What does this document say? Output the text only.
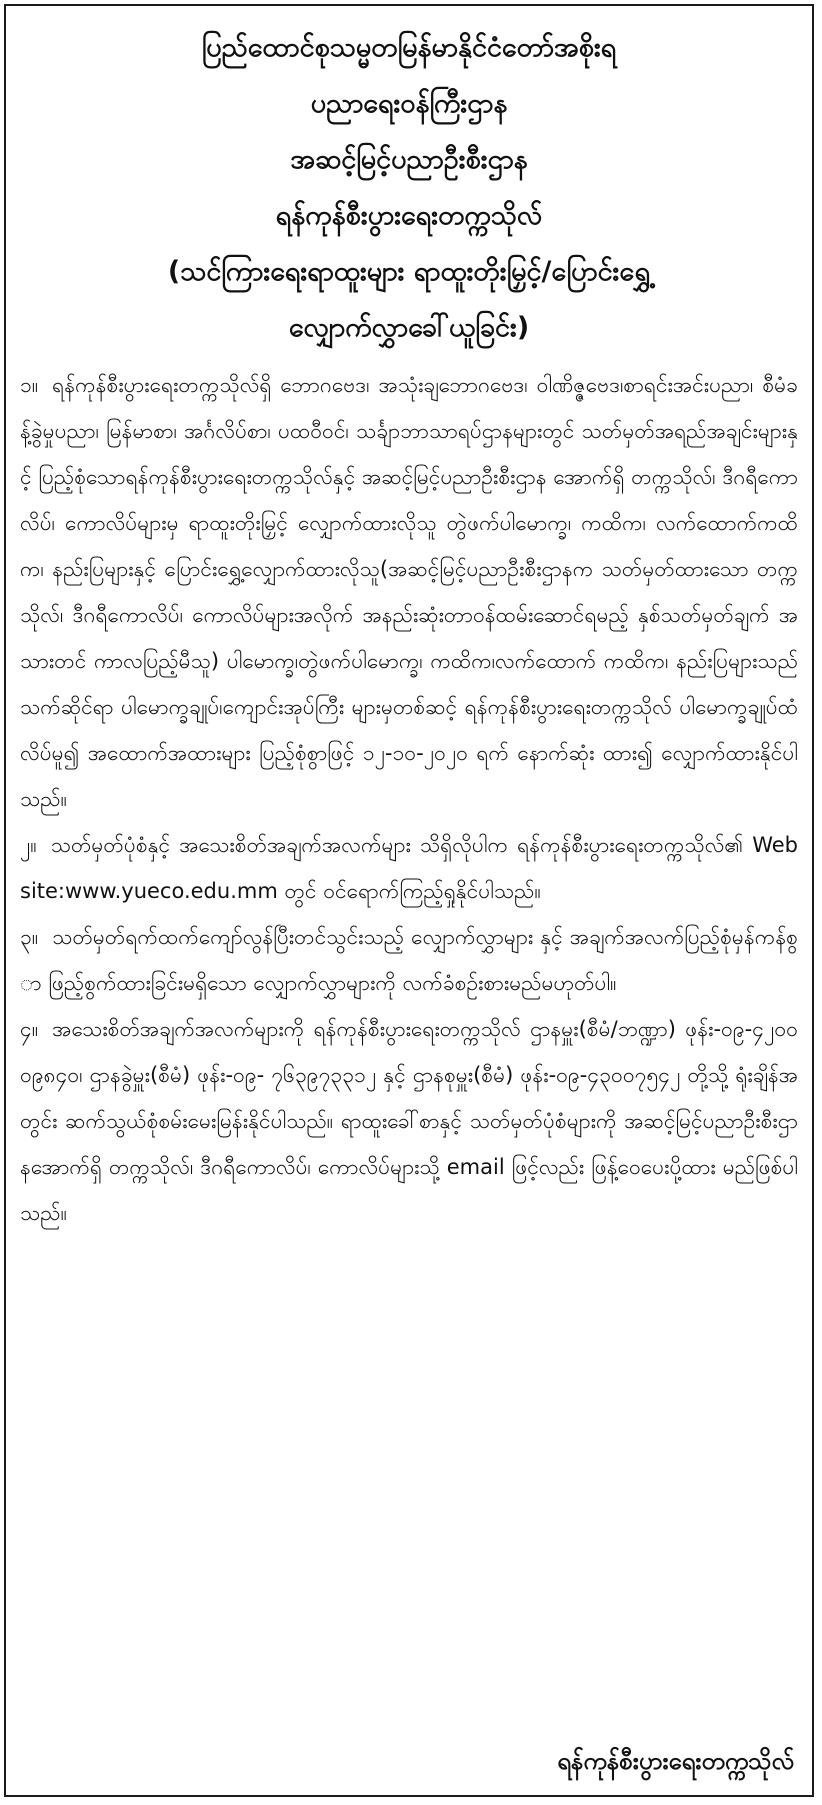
ပြည်ထောင်စုသမ္မတမြန်မာနိုင်ငံတော်အစိုးရ
ပညာရေးဝန်ကြီးဌာန
အဆင့်မြင့်ပညာဦးစီးဌာန
ရန်ကုန်စီးပွားရေးတက္ကသိုလ်
(သင်ကြားရေးရာထူးများ ရာထူးတိုးမြှင့်/ပြောင်းရွှေ့
လျှောက်လွှာခေါ်ယူခြင်း)

၁။ ရန်ကုန်စီးပွားရေးတက္ကသိုလ်ရှိ ဘောဂဗေဒ၊ အသုံးချဘောဂဗေဒ၊ ဝါဏိဇ္ဇဗေဒ၊စာရင်းအင်းပညာ၊ စီမံခန့်ခွဲမှုပညာ၊ မြန်မာစာ၊ အင်္ဂလိပ်စာ၊ ပထဝီဝင်၊ သင်္ချာဘာသာရပ်ဌာနများတွင် သတ်မှတ်အရည်အချင်းများနှင့် ပြည့်စုံသောရန်ကုန်စီးပွားရေးတက္ကသိုလ်နှင့် အဆင့်မြင့်ပညာဦးစီးဌာန အောက်ရှိ တက္ကသိုလ်၊ ဒီဂရီကောလိပ်၊ ကောလိပ်များမှ ရာထူးတိုးမြှင့် လျှောက်ထားလိုသူ တွဲဖက်ပါမောက္ခ၊ ကထိက၊ လက်ထောက်ကထိက၊ နည်းပြများနှင့် ပြောင်းရွှေ့လျှောက်ထားလိုသူ(အဆင့်မြင့်ပညာဦးစီးဌာနက သတ်မှတ်ထားသော တက္ကသိုလ်၊ ဒီဂရီကောလိပ်၊ ကောလိပ်များအလိုက် အနည်းဆုံးတာဝန်ထမ်းဆောင်ရမည့် နှစ်သတ်မှတ်ချက် အသားတင် ကာလပြည့်မီသူ) ပါမောက္ခ၊တွဲဖက်ပါမောက္ခ၊ ကထိက၊လက်ထောက် ကထိက၊ နည်းပြများသည် သက်ဆိုင်ရာ ပါမောက္ခချုပ်၊ကျောင်းအုပ်ကြီး များမှတစ်ဆင့် ရန်ကုန်စီးပွားရေးတက္ကသိုလ် ပါမောက္ခချုပ်ထံလိပ်မူ၍ အထောက်အထားများ ပြည့်စုံစွာဖြင့် ၁၂-၁၀-၂၀၂၀ ရက် နောက်ဆုံး ထား၍ လျှောက်ထားနိုင်ပါသည်။

၂။ သတ်မှတ်ပုံစံနှင့် အသေးစိတ်အချက်အလက်များ သိရှိလိုပါက ရန်ကုန်စီးပွားရေးတက္ကသိုလ်၏ Website:www.yueco.edu.mm တွင် ဝင်ရောက်ကြည့်ရှုနိုင်ပါသည်။

၃။ သတ်မှတ်ရက်ထက်ကျော်လွန်ပြီးတင်သွင်းသည့် လျှောက်လွှာများ နှင့် အချက်အလက်ပြည့်စုံမှန်ကန်စွာ ဖြည့်စွက်ထားခြင်းမရှိသော လျှောက်လွှာများကို လက်ခံစဉ်းစားမည်မဟုတ်ပါ။

၄။ အသေးစိတ်အချက်အလက်များကို ရန်ကုန်စီးပွားရေးတက္ကသိုလ် ဌာနမှူး(စီမံ/ဘဏ္ဍာ) ဖုန်း-၀၉-၄၂၀၀၀၉၈၄၀၊ ဌာနခွဲမှူး(စီမံ) ဖုန်း-၀၉- ၇၆၃၉၇၃၃၁၂ နှင့် ဌာနစုမှူး(စီမံ) ဖုန်း-၀၉-၄၃၀၀၇၅၄၂ တို့သို့ ရုံးချိန်အတွင်း ဆက်သွယ်စုံစမ်းမေးမြန်းနိုင်ပါသည်။ ရာထူးခေါ်စာနှင့် သတ်မှတ်ပုံစံများကို အဆင့်မြင့်ပညာဦးစီးဌာနအောက်ရှိ တက္ကသိုလ်၊ ဒီဂရီကောလိပ်၊ ကောလိပ်များသို့ email ဖြင့်လည်း ဖြန့်ဝေပေးပို့ထား မည်ဖြစ်ပါသည်။

ရန်ကုန်စီးပွားရေးတက္ကသိုလ်
